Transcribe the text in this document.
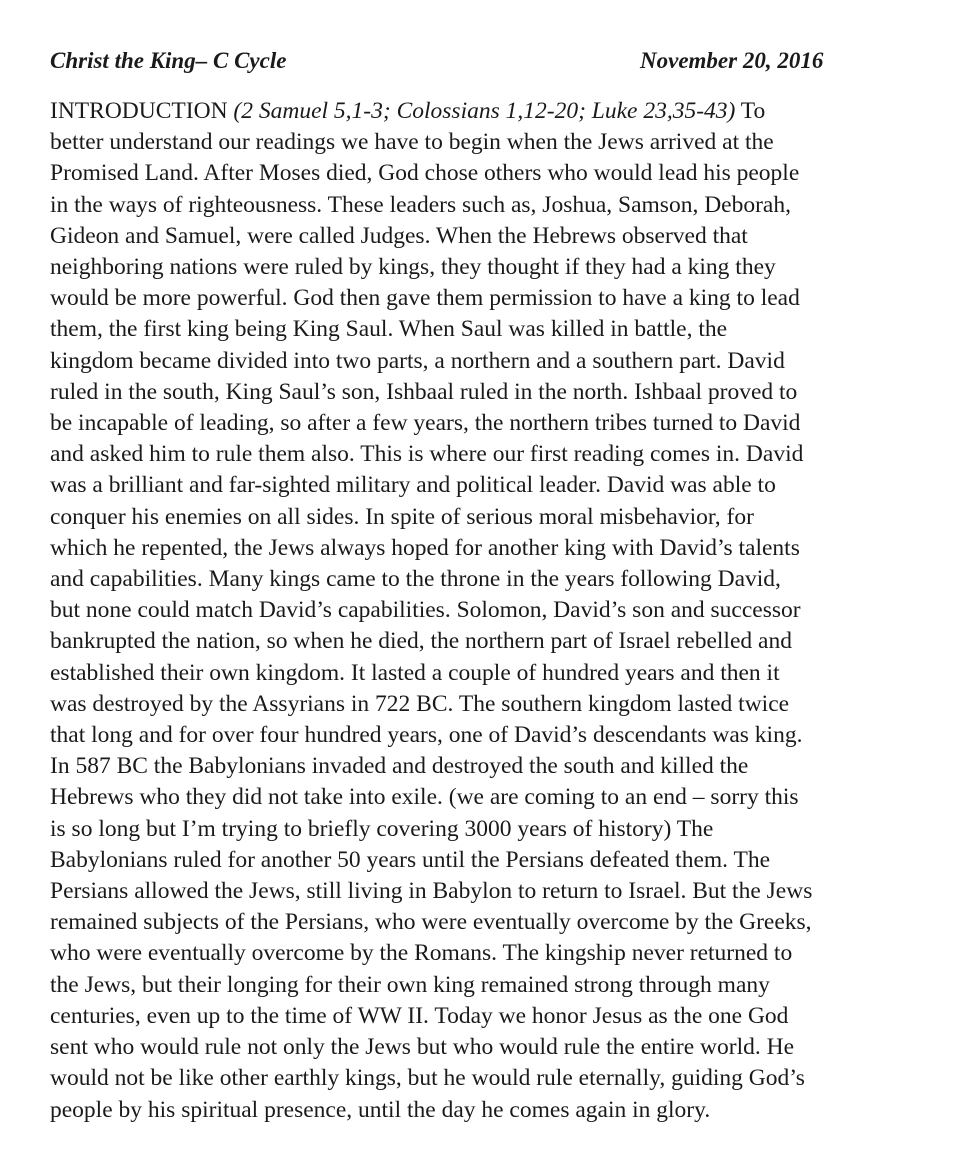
Christ the King– C Cycle	November 20, 2016
INTRODUCTION (2 Samuel 5,1-3; Colossians 1,12-20; Luke 23,35-43) To
better understand our readings we have to begin when the Jews arrived at the
Promised Land. After Moses died, God chose others who would lead his people
in the ways of righteousness. These leaders such as, Joshua, Samson, Deborah,
Gideon and Samuel, were called Judges. When the Hebrews observed that
neighboring nations were ruled by kings, they thought if they had a king they
would be more powerful. God then gave them permission to have a king to lead
them, the first king being King Saul. When Saul was killed in battle, the
kingdom became divided into two parts, a northern and a southern part. David
ruled in the south, King Saul’s son, Ishbaal ruled in the north. Ishbaal proved to
be incapable of leading, so after a few years, the northern tribes turned to David
and asked him to rule them also. This is where our first reading comes in. David
was a brilliant and far-sighted military and political leader. David was able to
conquer his enemies on all sides. In spite of serious moral misbehavior, for
which he repented, the Jews always hoped for another king with David’s talents
and capabilities. Many kings came to the throne in the years following David,
but none could match David’s capabilities. Solomon, David’s son and successor
bankrupted the nation, so when he died, the northern part of Israel rebelled and
established their own kingdom. It lasted a couple of hundred years and then it
was destroyed by the Assyrians in 722 BC. The southern kingdom lasted twice
that long and for over four hundred years, one of David’s descendants was king.
In 587 BC the Babylonians invaded and destroyed the south and killed the
Hebrews who they did not take into exile. (we are coming to an end – sorry this
is so long but I’m trying to briefly covering 3000 years of history) The
Babylonians ruled for another 50 years until the Persians defeated them. The
Persians allowed the Jews, still living in Babylon to return to Israel. But the Jews
remained subjects of the Persians, who were eventually overcome by the Greeks,
who were eventually overcome by the Romans. The kingship never returned to
the Jews, but their longing for their own king remained strong through many
centuries, even up to the time of WW II. Today we honor Jesus as the one God
sent who would rule not only the Jews but who would rule the entire world. He
would not be like other earthly kings, but he would rule eternally, guiding God’s
people by his spiritual presence, until the day he comes again in glory.
